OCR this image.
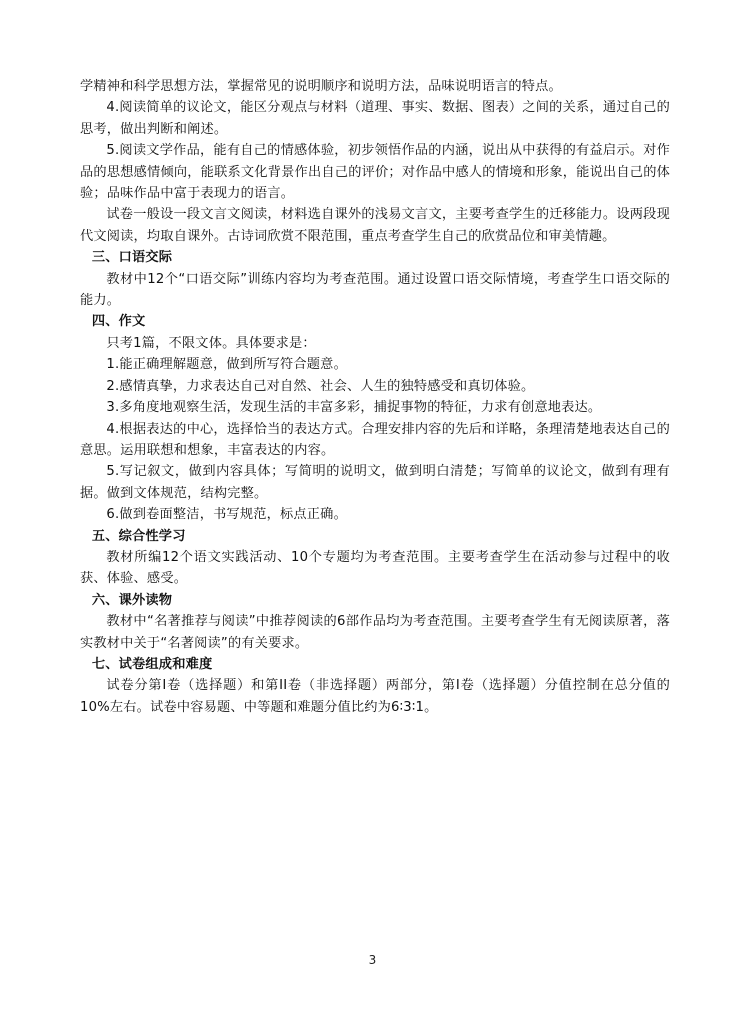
学精神和科学思想方法，掌握常见的说明顺序和说明方法，品味说明语言的特点。

4.阅读简单的议论文，能区分观点与材料（道理、事实、数据、图表）之间的关系，通过自己的思考，做出判断和阐述。

5.阅读文学作品，能有自己的情感体验，初步领悟作品的内涵，说出从中获得的有益启示。对作品的思想感情倾向，能联系文化背景作出自己的评价；对作品中感人的情境和形象，能说出自己的体验；品味作品中富于表现力的语言。

试卷一般设一段文言文阅读，材料选自课外的浅易文言文，主要考查学生的迁移能力。设两段现代文阅读，均取自课外。古诗词欣赏不限范围，重点考查学生自己的欣赏品位和审美情趣。

三、口语交际

教材中12个“口语交际”训练内容均为考查范围。通过设置口语交际情境，考查学生口语交际的能力。

四、作文

只考1篇，不限文体。具体要求是：

1.能正确理解题意，做到所写符合题意。

2.感情真挚，力求表达自己对自然、社会、人生的独特感受和真切体验。

3.多角度地观察生活，发现生活的丰富多彩，捕捉事物的特征，力求有创意地表达。

4.根据表达的中心，选择恰当的表达方式。合理安排内容的先后和详略，条理清楚地表达自己的意思。运用联想和想象，丰富表达的内容。

5.写记叙文，做到内容具体；写简明的说明文，做到明白清楚；写简单的议论文，做到有理有据。做到文体规范，结构完整。

6.做到卷面整洁，书写规范，标点正确。

五、综合性学习

教材所编12个语文实践活动、10个专题均为考查范围。主要考查学生在活动参与过程中的收获、体验、感受。

六、课外读物

教材中“名著推荐与阅读”中推荐阅读的6部作品均为考查范围。主要考查学生有无阅读原著，落实教材中关于“名著阅读”的有关要求。

七、试卷组成和难度

试卷分第I卷（选择题）和第II卷（非选择题）两部分，第I卷（选择题）分值控制在总分值的10%左右。试卷中容易题、中等题和难题分值比约为6∶3∶1。

3
